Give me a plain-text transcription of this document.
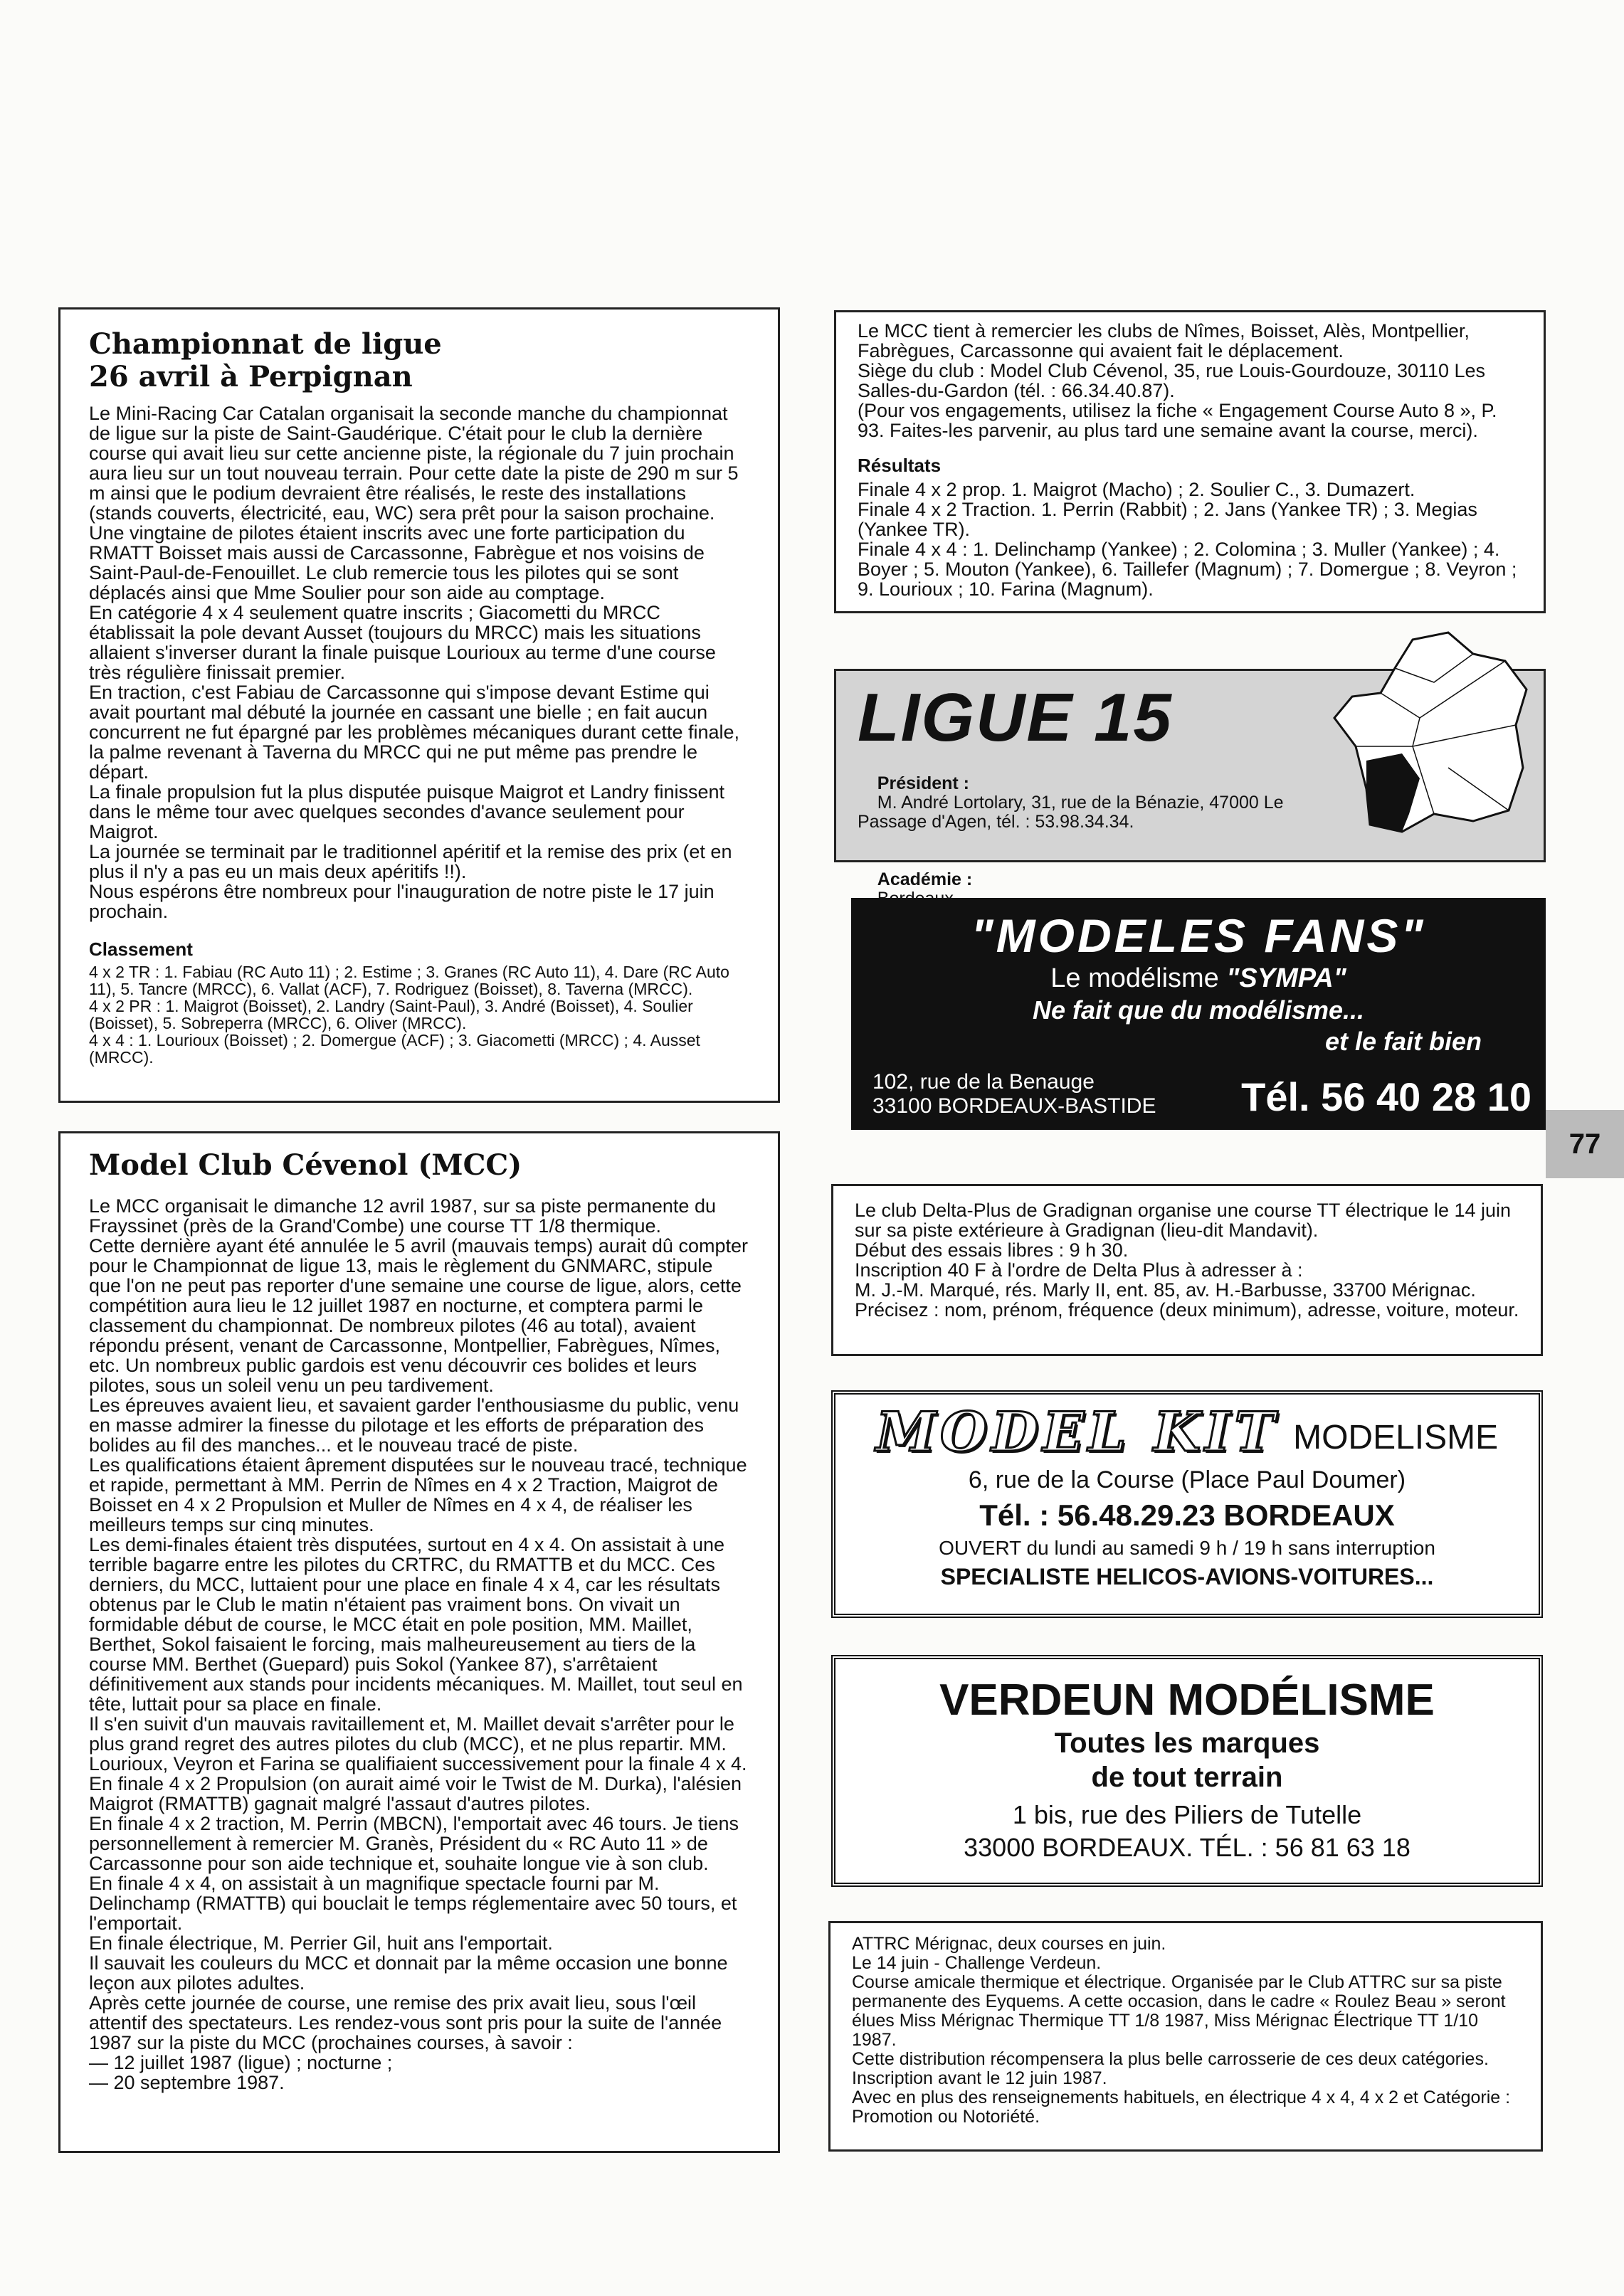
Championnat de ligue
26 avril à Perpignan

Le Mini-Racing Car Catalan organisait la seconde manche du championnat de ligue sur la piste de Saint-Gaudérique. C'était pour le club la dernière course qui avait lieu sur cette ancienne piste, la régionale du 7 juin prochain aura lieu sur un tout nouveau terrain. Pour cette date la piste de 290 m sur 5 m ainsi que le podium devraient être réalisés, le reste des installations (stands couverts, électricité, eau, WC) sera prêt pour la saison prochaine.
Une vingtaine de pilotes étaient inscrits avec une forte participation du RMATT Boisset mais aussi de Carcassonne, Fabrègue et nos voisins de Saint-Paul-de-Fenouillet. Le club remercie tous les pilotes qui se sont déplacés ainsi que Mme Soulier pour son aide au comptage.
En catégorie 4 x 4 seulement quatre inscrits ; Giacometti du MRCC établissait la pole devant Ausset (toujours du MRCC) mais les situations allaient s'inverser durant la finale puisque Lourioux au terme d'une course très régulière finissait premier.
En traction, c'est Fabiau de Carcassonne qui s'impose devant Estime qui avait pourtant mal débuté la journée en cassant une bielle ; en fait aucun concurrent ne fut épargné par les problèmes mécaniques durant cette finale, la palme revenant à Taverna du MRCC qui ne put même pas prendre le départ.
La finale propulsion fut la plus disputée puisque Maigrot et Landry finissent dans le même tour avec quelques secondes d'avance seulement pour Maigrot.
La journée se terminait par le traditionnel apéritif et la remise des prix (et en plus il n'y a pas eu un mais deux apéritifs !!).
Nous espérons être nombreux pour l'inauguration de notre piste le 17 juin prochain.

Classement

4 x 2 TR : 1. Fabiau (RC Auto 11) ; 2. Estime ; 3. Granes (RC Auto 11), 4. Dare (RC Auto 11), 5. Tancre (MRCC), 6. Vallat (ACF), 7. Rodriguez (Boisset), 8. Taverna (MRCC).
4 x 2 PR : 1. Maigrot (Boisset), 2. Landry (Saint-Paul), 3. André (Boisset), 4. Soulier (Boisset), 5. Sobreperra (MRCC), 6. Oliver (MRCC).
4 x 4 : 1. Lourioux (Boisset) ; 2. Domergue (ACF) ; 3. Giacometti (MRCC) ; 4. Ausset (MRCC).

Model Club Cévenol (MCC)

Le MCC organisait le dimanche 12 avril 1987, sur sa piste permanente du Frayssinet (près de la Grand'Combe) une course TT 1/8 thermique.
Cette dernière ayant été annulée le 5 avril (mauvais temps) aurait dû compter pour le Championnat de ligue 13, mais le règlement du GNMARC, stipule que l'on ne peut pas reporter d'une semaine une course de ligue, alors, cette compétition aura lieu le 12 juillet 1987 en nocturne, et comptera parmi le classement du championnat. De nombreux pilotes (46 au total), avaient répondu présent, venant de Carcassonne, Montpellier, Fabrègues, Nîmes, etc. Un nombreux public gardois est venu découvrir ces bolides et leurs pilotes, sous un soleil venu un peu tardivement.
Les épreuves avaient lieu, et savaient garder l'enthousiasme du public, venu en masse admirer la finesse du pilotage et les efforts de préparation des bolides au fil des manches... et le nouveau tracé de piste.
Les qualifications étaient âprement disputées sur le nouveau tracé, technique et rapide, permettant à MM. Perrin de Nîmes en 4 x 2 Traction, Maigrot de Boisset en 4 x 2 Propulsion et Muller de Nîmes en 4 x 4, de réaliser les meilleurs temps sur cinq minutes.
Les demi-finales étaient très disputées, surtout en 4 x 4. On assistait à une terrible bagarre entre les pilotes du CRTRC, du RMATTB et du MCC. Ces derniers, du MCC, luttaient pour une place en finale 4 x 4, car les résultats obtenus par le Club le matin n'étaient pas vraiment bons. On vivait un formidable début de course, le MCC était en pole position, MM. Maillet, Berthet, Sokol faisaient le forcing, mais malheureusement au tiers de la course MM. Berthet (Guepard) puis Sokol (Yankee 87), s'arrêtaient définitivement aux stands pour incidents mécaniques. M. Maillet, tout seul en tête, luttait pour sa place en finale.
Il s'en suivit d'un mauvais ravitaillement et, M. Maillet devait s'arrêter pour le plus grand regret des autres pilotes du club (MCC), et ne plus repartir. MM. Lourioux, Veyron et Farina se qualifiaient successivement pour la finale 4 x 4.
En finale 4 x 2 Propulsion (on aurait aimé voir le Twist de M. Durka), l'alésien Maigrot (RMATTB) gagnait malgré l'assaut d'autres pilotes.
En finale 4 x 2 traction, M. Perrin (MBCN), l'emportait avec 46 tours. Je tiens personnellement à remercier M. Granès, Président du « RC Auto 11 » de Carcassonne pour son aide technique et, souhaite longue vie à son club.
En finale 4 x 4, on assistait à un magnifique spectacle fourni par M. Delinchamp (RMATTB) qui bouclait le temps réglementaire avec 50 tours, et l'emportait.
En finale électrique, M. Perrier Gil, huit ans l'emportait.
Il sauvait les couleurs du MCC et donnait par la même occasion une bonne leçon aux pilotes adultes.
Après cette journée de course, une remise des prix avait lieu, sous l'œil attentif des spectateurs. Les rendez-vous sont pris pour la suite de l'année 1987 sur la piste du MCC (prochaines courses, à savoir :
— 12 juillet 1987 (ligue) ; nocturne ;
— 20 septembre 1987.

Le MCC tient à remercier les clubs de Nîmes, Boisset, Alès, Montpellier, Fabrègues, Carcassonne qui avaient fait le déplacement.
Siège du club : Model Club Cévenol, 35, rue Louis-Gourdouze, 30110 Les Salles-du-Gardon (tél. : 66.34.40.87).
(Pour vos engagements, utilisez la fiche « Engagement Course Auto 8 », P. 93. Faites-les parvenir, au plus tard une semaine avant la course, merci).

Résultats

Finale 4 x 2 prop. 1. Maigrot (Macho) ; 2. Soulier C., 3. Dumazert.
Finale 4 x 2 Traction. 1. Perrin (Rabbit) ; 2. Jans (Yankee TR) ; 3. Megias (Yankee TR).
Finale 4 x 4 : 1. Delinchamp (Yankee) ; 2. Colomina ; 3. Muller (Yankee) ; 4. Boyer ; 5. Mouton (Yankee), 6. Taillefer (Magnum) ; 7. Domergue ; 8. Veyron ; 9. Lourioux ; 10. Farina (Magnum).

LIGUE 15

Président :
M. André Lortolary, 31, rue de la Bénazie, 47000 Le Passage d'Agen, tél. : 53.98.34.34.

Académie :

"MODELES FANS"
Le modélisme "SYMPA"
Ne fait que du modélisme...
et le fait bien
102, rue de la Benauge
33100 BORDEAUX-BASTIDE Tél. 56 40 28 10
77

Le club Delta-Plus de Gradignan organise une course TT électrique le 14 juin sur sa piste extérieure à Gradignan (lieu-dit Mandavit).
Début des essais libres : 9 h 30.
Inscription 40 F à l'ordre de Delta Plus à adresser à :
M. J.-M. Marqué, rés. Marly II, ent. 85, av. H.-Barbusse, 33700 Mérignac.
Précisez : nom, prénom, fréquence (deux minimum), adresse, voiture, moteur.

MODEL KIT MODELISME
6, rue de la Course (Place Paul Doumer)
Tél. : 56.48.29.23 BORDEAUX
OUVERT du lundi au samedi 9 h / 19 h sans interruption
SPECIALISTE HELICOS-AVIONS-VOITURES...
VERDEUN MODÉLISME
Toutes les marques
de tout terrain
1 bis, rue des Piliers de Tutelle
33000 BORDEAUX. TÉL. : 56 81 63 18

ATTRC Mérignac, deux courses en juin.
Le 14 juin - Challenge Verdeun.
Course amicale thermique et électrique. Organisée par le Club ATTRC sur sa piste permanente des Eyquems. A cette occasion, dans le cadre « Roulez Beau » seront élues Miss Mérignac Thermique TT 1/8 1987, Miss Mérignac Électrique TT 1/10 1987.
Cette distribution récompensera la plus belle carrosserie de ces deux catégories. Inscription avant le 12 juin 1987.
Avec en plus des renseignements habituels, en électrique 4 x 4, 4 x 2 et Catégorie : Promotion ou Notoriété.
